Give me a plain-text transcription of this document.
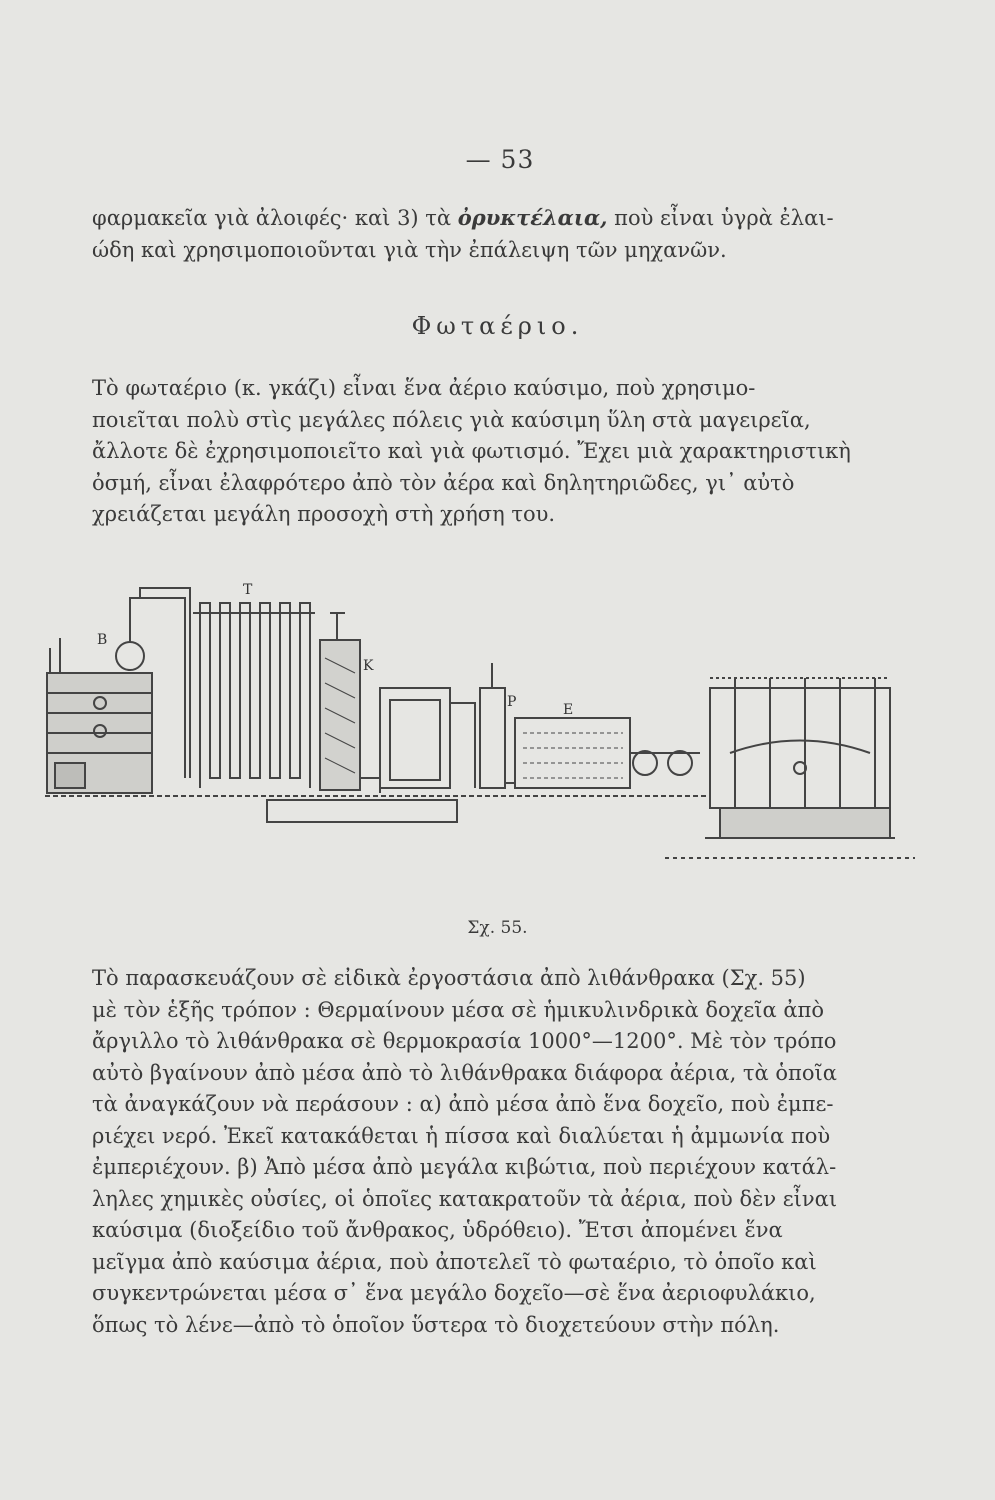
— 53

φαρμακεῖα γιὰ ἀλοιφές· καὶ 3) τὰ ὀρυκτέλαια, ποὺ εἶναι ὑγρὰ ἐλαι-
ώδη καὶ χρησιμοποιοῦνται γιὰ τὴν ἐπάλειψη τῶν μηχανῶν.

Φωταέριο.

Τὸ φωταέριο (κ. γκάζι) εἶναι ἕνα ἀέριο καύσιμο, ποὺ χρησιμο-
ποιεῖται πολὺ στὶς μεγάλες πόλεις γιὰ καύσιμη ὕλη στὰ μαγειρεῖα,
ἄλλοτε δὲ ἐχρησιμοποιεῖτο καὶ γιὰ φωτισμό. Ἔχει μιὰ χαρακτηριστικὴ
ὀσμή, εἶναι ἐλαφρότερο ἀπὸ τὸν ἀέρα καὶ δηλητηριῶδες, γι᾽ αὐτὸ
χρειάζεται μεγάλη προσοχὴ στὴ χρήση του.

B
T
K
P	E
Σχ. 55.

Τὸ παρασκευάζουν σὲ εἰδικὰ ἐργοστάσια ἀπὸ λιθάνθρακα (Σχ. 55)
μὲ τὸν ἑξῆς τρόπον : Θερμαίνουν μέσα σὲ ἡμικυλινδρικὰ δοχεῖα ἀπὸ
ἄργιλλο τὸ λιθάνθρακα σὲ θερμοκρασία 1000°—1200°. Μὲ τὸν τρόπο
αὐτὸ βγαίνουν ἀπὸ μέσα ἀπὸ τὸ λιθάνθρακα διάφορα ἀέρια, τὰ ὁποῖα
τὰ ἀναγκάζουν νὰ περάσουν : α) ἀπὸ μέσα ἀπὸ ἕνα δοχεῖο, ποὺ ἐμπε-
ριέχει νερό. Ἐκεῖ κατακάθεται ἡ πίσσα καὶ διαλύεται ἡ ἀμμωνία ποὺ
ἐμπεριέχουν. β) Ἀπὸ μέσα ἀπὸ μεγάλα κιβώτια, ποὺ περιέχουν κατάλ-
ληλες χημικὲς οὐσίες, οἱ ὁποῖες κατακρατοῦν τὰ ἀέρια, ποὺ δὲν εἶναι
καύσιμα (διοξείδιο τοῦ ἄνθρακος, ὑδρόθειο). Ἔτσι ἀπομένει ἕνα
μεῖγμα ἀπὸ καύσιμα ἀέρια, ποὺ ἀποτελεῖ τὸ φωταέριο, τὸ ὁποῖο καὶ
συγκεντρώνεται μέσα σ᾽ ἕνα μεγάλο δοχεῖο—σὲ ἕνα ἀεριοφυλάκιο,
ὅπως τὸ λένε—ἀπὸ τὸ ὁποῖον ὕστερα τὸ διοχετεύουν στὴν πόλη.
